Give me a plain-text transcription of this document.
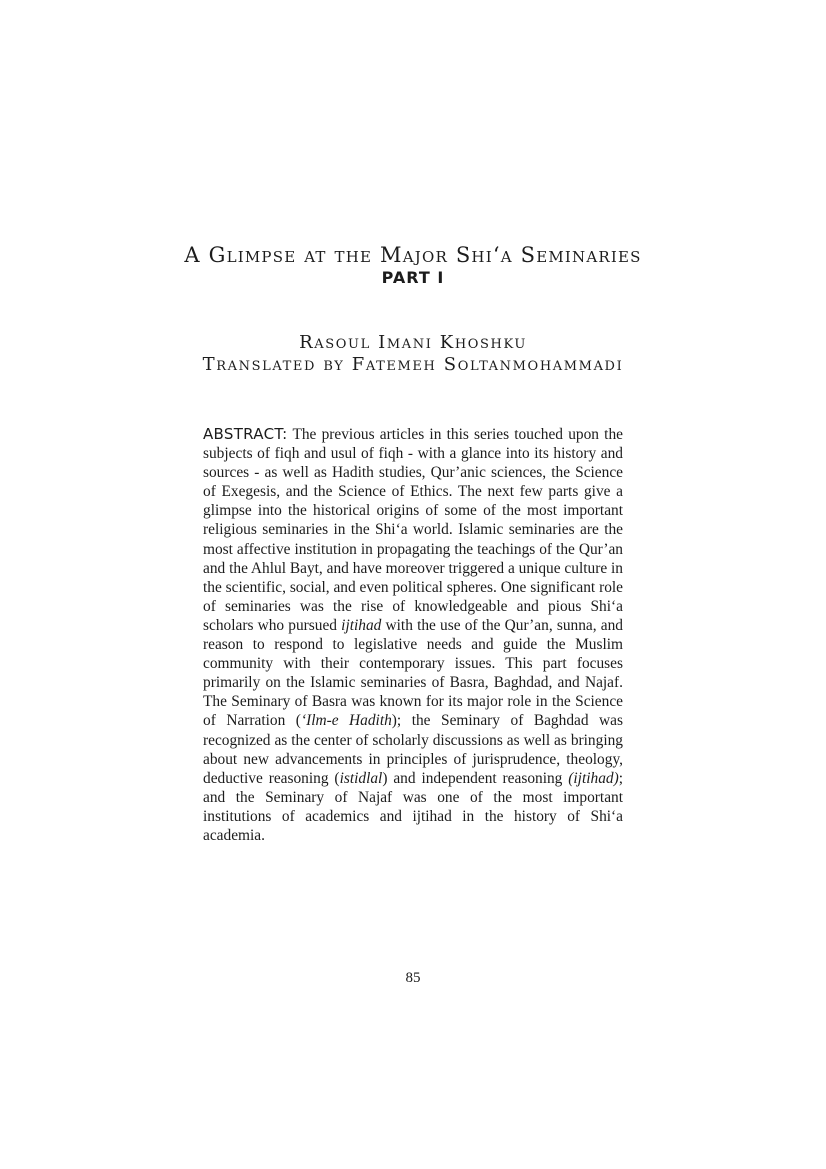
A Glimpse at the Major Shi‘a Seminaries
PART I
Rasoul Imani Khoshku
Translated by Fatemeh Soltanmohammadi
ABSTRACT: The previous articles in this series touched upon the subjects of fiqh and usul of fiqh - with a glance into its history and sources - as well as Hadith studies, Qur’anic sciences, the Science of Exegesis, and the Science of Ethics. The next few parts give a glimpse into the historical origins of some of the most important religious seminaries in the Shi‘a world. Islamic seminaries are the most affective institution in propagating the teachings of the Qur’an and the Ahlul Bayt, and have moreover triggered a unique culture in the scientific, social, and even political spheres. One significant role of seminaries was the rise of knowledgeable and pious Shi‘a scholars who pursued ijtihad with the use of the Qur’an, sunna, and reason to respond to legislative needs and guide the Muslim community with their contemporary issues. This part focuses primarily on the Islamic seminaries of Basra, Baghdad, and Najaf. The Seminary of Basra was known for its major role in the Science of Narration (‘Ilm-e Hadith); the Seminary of Baghdad was recognized as the center of scholarly discussions as well as bringing about new advancements in principles of jurisprudence, theology, deductive reasoning (istidlal) and independent reasoning (ijtihad); and the Seminary of Najaf was one of the most important institutions of academics and ijtihad in the history of Shi‘a academia.
85
